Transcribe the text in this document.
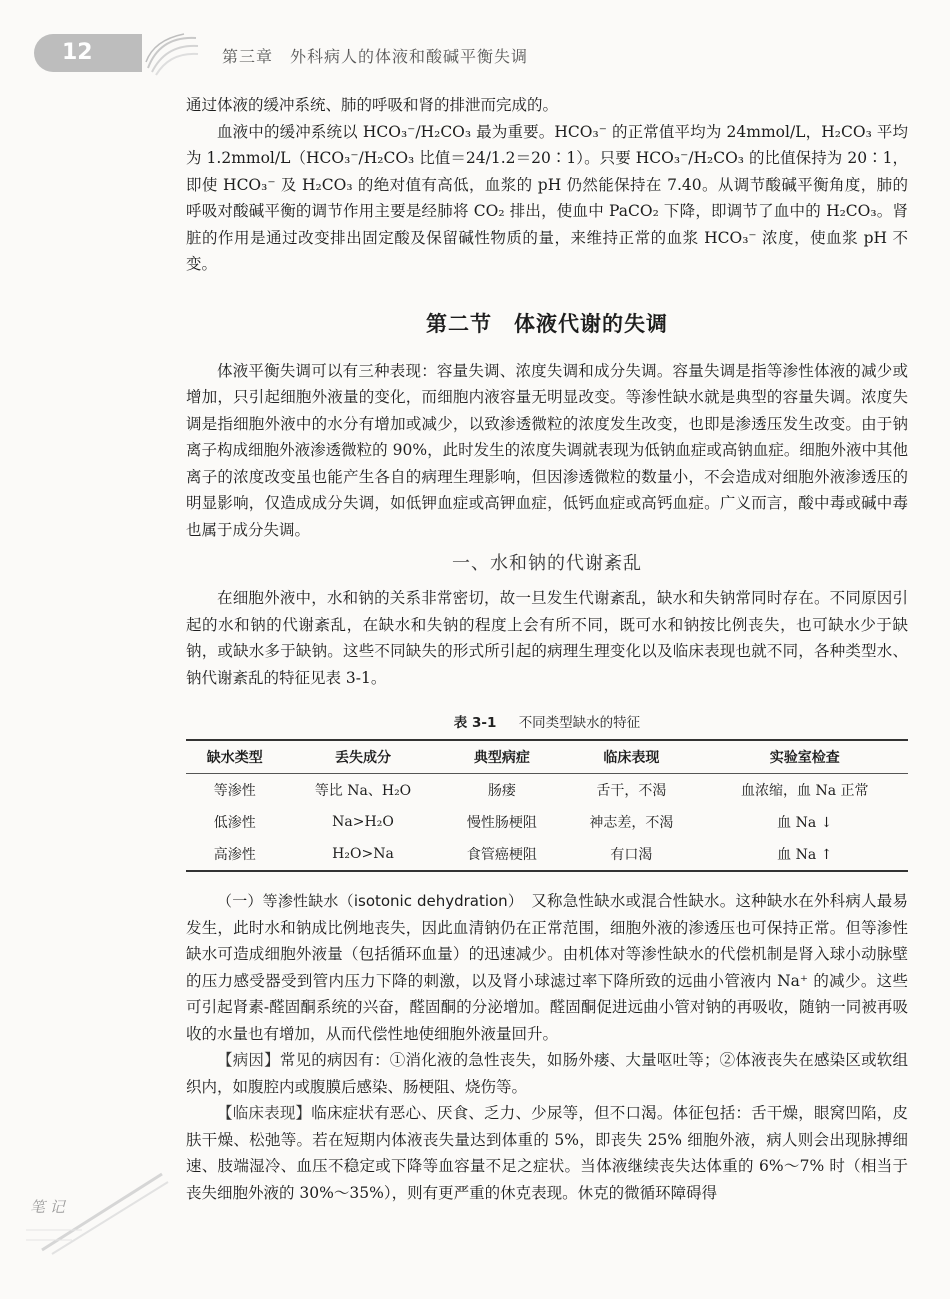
12	第三章　外科病人的体液和酸碱平衡失调

通过体液的缓冲系统、肺的呼吸和肾的排泄而完成的。

血液中的缓冲系统以 HCO₃⁻/H₂CO₃ 最为重要。HCO₃⁻ 的正常值平均为 24mmol/L，H₂CO₃ 平均为 1.2mmol/L（HCO₃⁻/H₂CO₃ 比值＝24/1.2＝20∶1）。只要 HCO₃⁻/H₂CO₃ 的比值保持为 20∶1，即使 HCO₃⁻ 及 H₂CO₃ 的绝对值有高低，血浆的 pH 仍然能保持在 7.40。从调节酸碱平衡角度，肺的呼吸对酸碱平衡的调节作用主要是经肺将 CO₂ 排出，使血中 PaCO₂ 下降，即调节了血中的 H₂CO₃。肾脏的作用是通过改变排出固定酸及保留碱性物质的量，来维持正常的血浆 HCO₃⁻ 浓度，使血浆 pH 不变。

第二节　体液代谢的失调

体液平衡失调可以有三种表现：容量失调、浓度失调和成分失调。容量失调是指等渗性体液的减少或增加，只引起细胞外液量的变化，而细胞内液容量无明显改变。等渗性缺水就是典型的容量失调。浓度失调是指细胞外液中的水分有增加或减少，以致渗透微粒的浓度发生改变，也即是渗透压发生改变。由于钠离子构成细胞外液渗透微粒的 90%，此时发生的浓度失调就表现为低钠血症或高钠血症。细胞外液中其他离子的浓度改变虽也能产生各自的病理生理影响，但因渗透微粒的数量小，不会造成对细胞外液渗透压的明显影响，仅造成成分失调，如低钾血症或高钾血症，低钙血症或高钙血症。广义而言，酸中毒或碱中毒也属于成分失调。

一、水和钠的代谢紊乱

在细胞外液中，水和钠的关系非常密切，故一旦发生代谢紊乱，缺水和失钠常同时存在。不同原因引起的水和钠的代谢紊乱，在缺水和失钠的程度上会有所不同，既可水和钠按比例丧失，也可缺水少于缺钠，或缺水多于缺钠。这些不同缺失的形式所引起的病理生理变化以及临床表现也就不同，各种类型水、钠代谢紊乱的特征见表 3-1。

表 3-1 不同类型缺水的特征
缺水类型	丢失成分	典型病症	临床表现	实验室检查
等渗性	等比 Na、H₂O	肠瘘	舌干，不渴	血浓缩，血 Na 正常
低渗性	Na>H₂O	慢性肠梗阻	神志差，不渴	血 Na ↓
高渗性	H₂O>Na	食管癌梗阻	有口渴	血 Na ↑

（一）等渗性缺水（isotonic dehydration）　又称急性缺水或混合性缺水。这种缺水在外科病人最易发生，此时水和钠成比例地丧失，因此血清钠仍在正常范围，细胞外液的渗透压也可保持正常。但等渗性缺水可造成细胞外液量（包括循环血量）的迅速减少。由机体对等渗性缺水的代偿机制是肾入球小动脉壁的压力感受器受到管内压力下降的刺激，以及肾小球滤过率下降所致的远曲小管液内 Na⁺ 的减少。这些可引起肾素-醛固酮系统的兴奋，醛固酮的分泌增加。醛固酮促进远曲小管对钠的再吸收，随钠一同被再吸收的水量也有增加，从而代偿性地使细胞外液量回升。

【病因】常见的病因有：①消化液的急性丧失，如肠外瘘、大量呕吐等；②体液丧失在感染区或软组织内，如腹腔内或腹膜后感染、肠梗阻、烧伤等。

【临床表现】临床症状有恶心、厌食、乏力、少尿等，但不口渴。体征包括：舌干燥，眼窝凹陷，皮肤干燥、松弛等。若在短期内体液丧失量达到体重的 5%，即丧失 25% 细胞外液，病人则会出现脉搏细速、肢端湿冷、血压不稳定或下降等血容量不足之症状。当体液继续丧失达体重的 6%～7% 时（相当于丧失细胞外液的 30%～35%），则有更严重的休克表现。休克的微循环障碍得

笔 记
